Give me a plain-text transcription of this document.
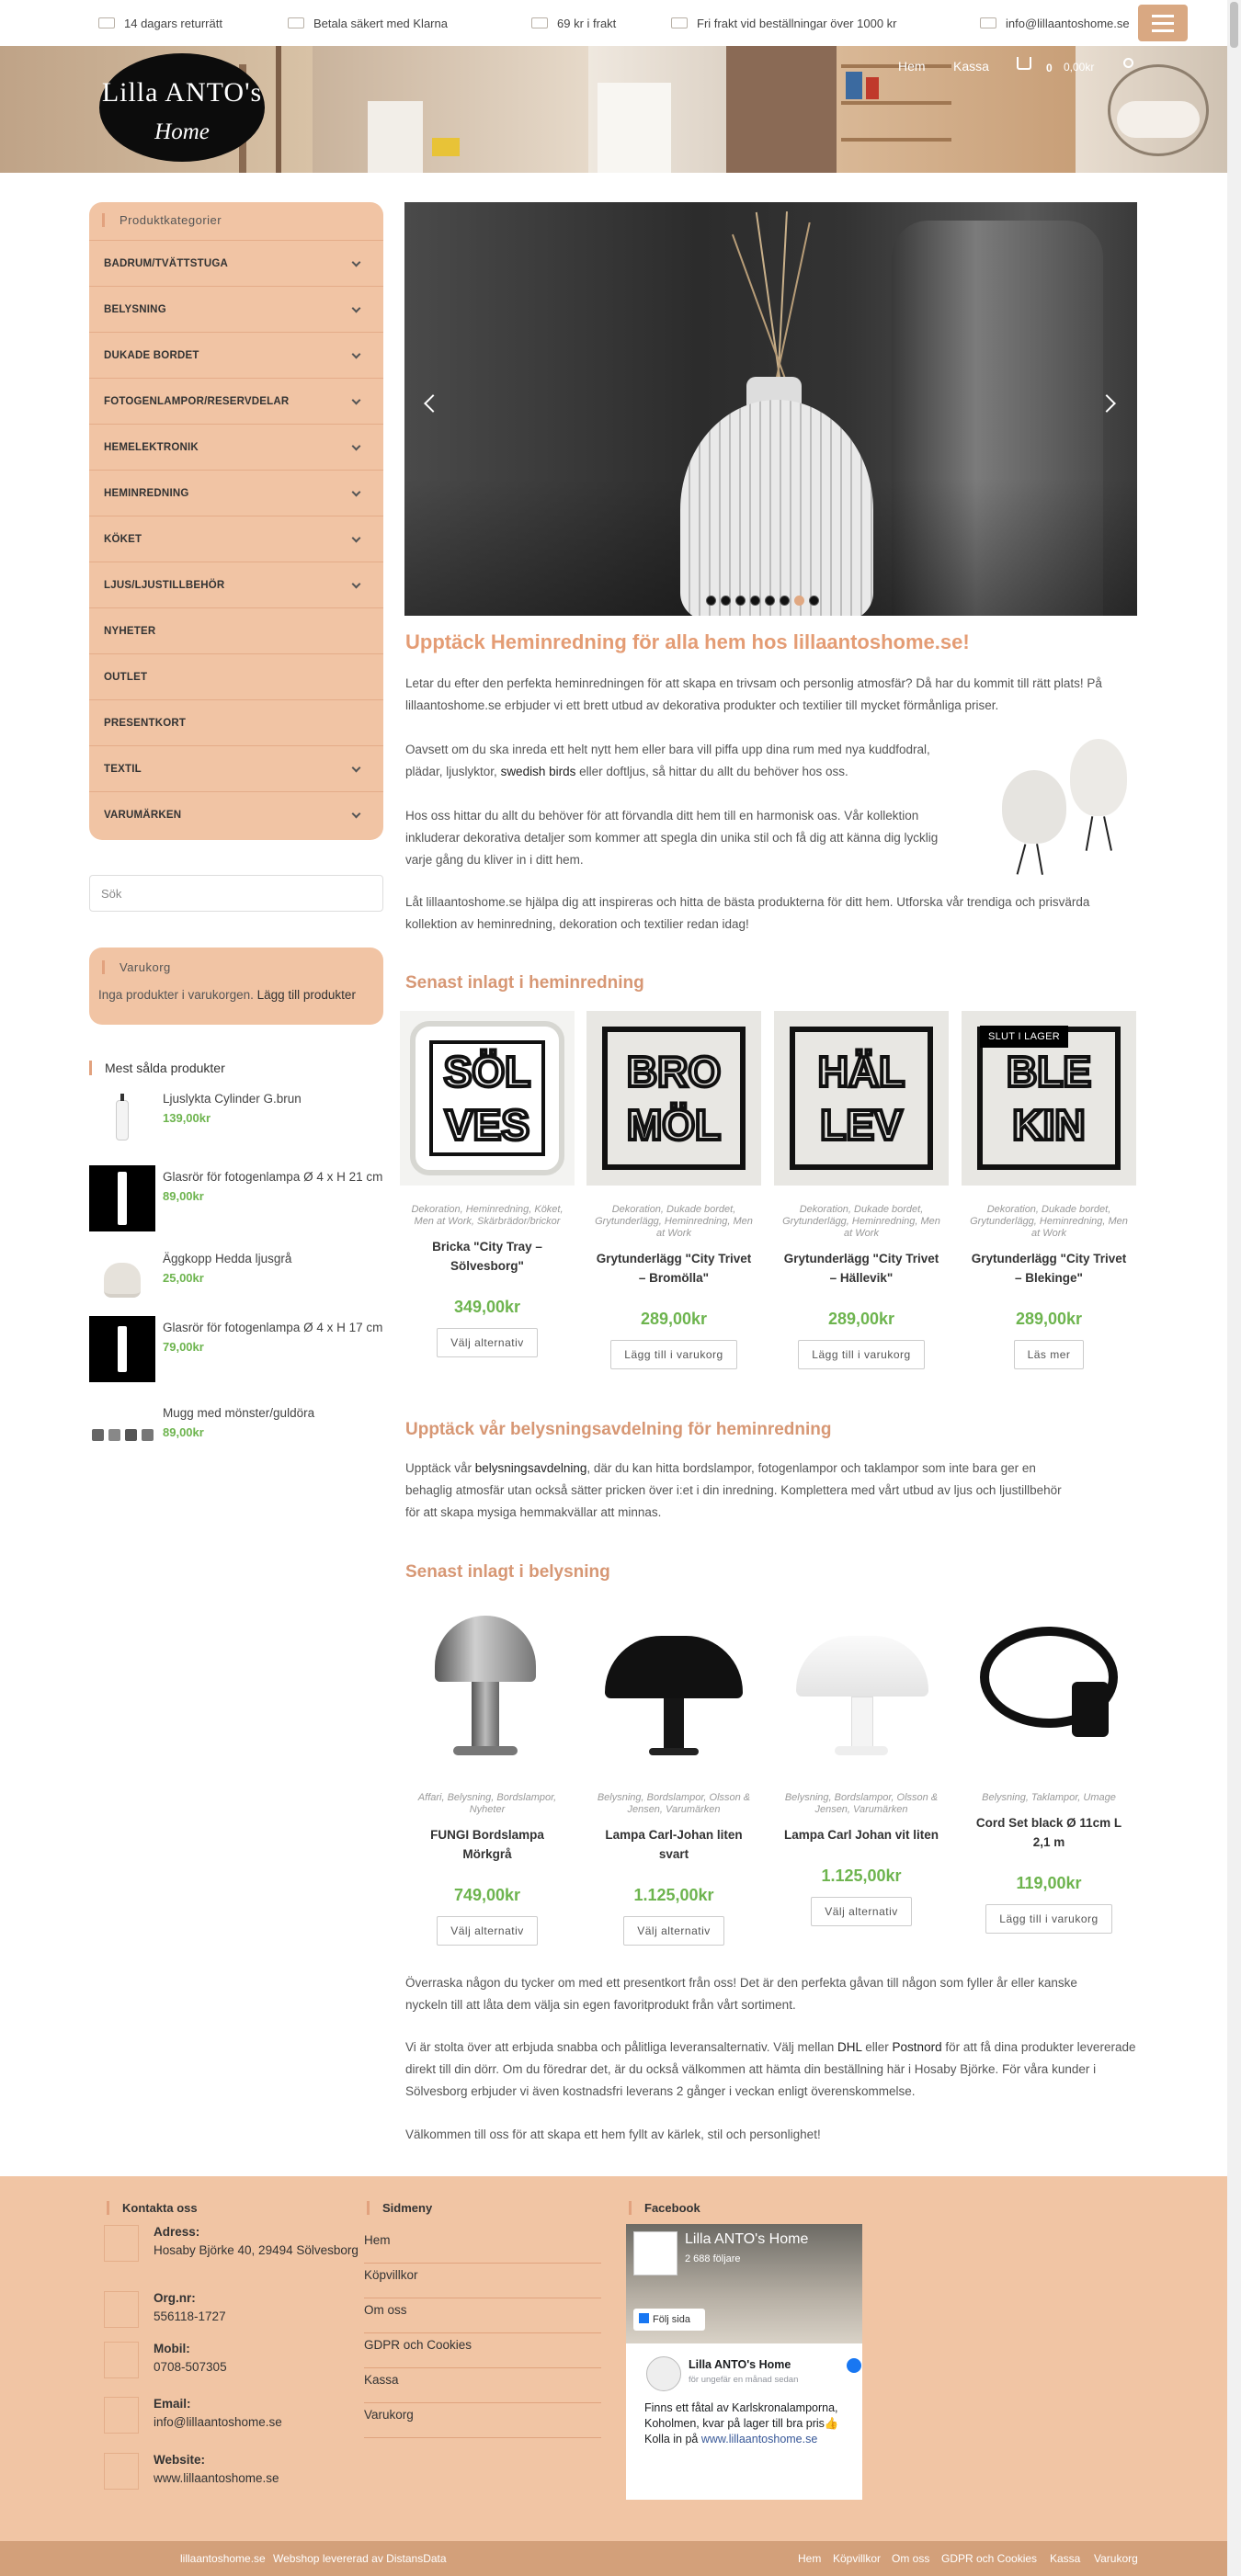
14 dagars returrätt	Betala säkert med Klarna	69 kr i frakt	Fri frakt vid beställningar över 1000 kr	info@lillaantoshome.se
Lilla ANTO's
Home
Hem Kassa	0 0,00kr
Produktkategorier
BADRUM/TVÄTTSTUGA
BELYSNING
DUKADE BORDET
FOTOGENLAMPOR/RESERVDELAR
HEMELEKTRONIK
HEMINREDNING
KÖKET
LJUS/LJUSTILLBEHÖR
NYHETER
OUTLET
PRESENTKORT
TEXTIL
VARUMÄRKEN
Sök
Varukorg
Inga produkter i varukorgen. Lägg till produkter
Mest sålda produkter
Ljuslykta Cylinder G.brun
139,00kr
Glasrör för fotogenlampa Ø 4 x H 21 cm
89,00kr
Äggkopp Hedda ljusgrå
25,00kr
Glasrör för fotogenlampa Ø 4 x H 17 cm
79,00kr
Mugg med mönster/guldöra
89,00kr
Upptäck Heminredning för alla hem hos lillaantoshome.se!

Letar du efter den perfekta heminredningen för att skapa en trivsam och personlig atmosfär? Då har du kommit till rätt plats! På lillaantoshome.se erbjuder vi ett brett utbud av dekorativa produkter och textilier till mycket förmånliga priser.

Oavsett om du ska inreda ett helt nytt hem eller bara vill piffa upp dina rum med nya kuddfodral, plädar, ljuslyktor, swedish birds eller doftljus, så hittar du allt du behöver hos oss.

Hos oss hittar du allt du behöver för att förvandla ditt hem till en harmonisk oas. Vår kollektion inkluderar dekorativa detaljer som kommer att spegla din unika stil och få dig att känna dig lycklig varje gång du kliver in i ditt hem.

Låt lillaantoshome.se hjälpa dig att inspireras och hitta de bästa produkterna för ditt hem. Utforska vår trendiga och prisvärda kollektion av heminredning, dekoration och textilier redan idag!

Senast inlagt i heminredning
SÖL
VES
Dekoration, Heminredning, Köket, Men at Work, Skärbrädor/brickor
Bricka "City Tray – Sölvesborg"
349,00kr
Välj alternativ
BRO
MÖL
Dekoration, Dukade bordet, Grytunderlägg, Heminredning, Men at Work
Grytunderlägg "City Trivet – Bromölla"
289,00kr
Lägg till i varukorg
HÄL
LEV
Dekoration, Dukade bordet, Grytunderlägg, Heminredning, Men at Work
Grytunderlägg "City Trivet – Hällevik"
289,00kr
Lägg till i varukorg
BLE
KIN
SLUT I LAGER
Dekoration, Dukade bordet, Grytunderlägg, Heminredning, Men at Work
Grytunderlägg "City Trivet – Blekinge"
289,00kr
Läs mer
Upptäck vår belysningsavdelning för heminredning

Upptäck vår belysningsavdelning, där du kan hitta bordslampor, fotogenlampor och taklampor som inte bara ger en behaglig atmosfär utan också sätter pricken över i:et i din inredning. Komplettera med vårt utbud av ljus och ljustillbehör för att skapa mysiga hemmakvällar att minnas.

Senast inlagt i belysning
Affari, Belysning, Bordslampor, Nyheter
FUNGI Bordslampa Mörkgrå
749,00kr
Välj alternativ
Belysning, Bordslampor, Olsson & Jensen, Varumärken
Lampa Carl-Johan liten svart
1.125,00kr
Välj alternativ
Belysning, Bordslampor, Olsson & Jensen, Varumärken
Lampa Carl Johan vit liten
1.125,00kr
Välj alternativ
Belysning, Taklampor, Umage
Cord Set black Ø 11cm L 2,1 m
119,00kr
Lägg till i varukorg

Överraska någon du tycker om med ett presentkort från oss! Det är den perfekta gåvan till någon som fyller år eller kanske nyckeln till att låta dem välja sin egen favoritprodukt från vårt sortiment.

Vi är stolta över att erbjuda snabba och pålitliga leveransalternativ. Välj mellan DHL eller Postnord för att få dina produkter levererade direkt till din dörr. Om du föredrar det, är du också välkommen att hämta din beställning här i Hosaby Björke. För våra kunder i Sölvesborg erbjuder vi även kostnadsfri leverans 2 gånger i veckan enligt överenskommelse.

Välkommen till oss för att skapa ett hem fyllt av kärlek, stil och personlighet!

Kontakta oss
Adress:
Hosaby Björke 40, 29494 Sölvesborg
Org.nr:
556118-1727
Mobil:
0708-507305
Email:
info@lillaantoshome.se
Website:
www.lillaantoshome.se
Sidmeny
Hem
Köpvillkor
Om oss
GDPR och Cookies
Kassa
Varukorg
Facebook
Lilla ANTO's Home
2 688 följare
Följ sida
Lilla ANTO's Home
för ungefär en månad sedan
Finns ett fåtal av Karlskronalamporna, Koholmen, kvar på lager till bra pris👍 Kolla in på www.lillaantoshome.se
lillaantoshome.se Webshop levererad av DistansData	Hem Köpvillkor Om oss GDPR och Cookies Kassa Varukorg
